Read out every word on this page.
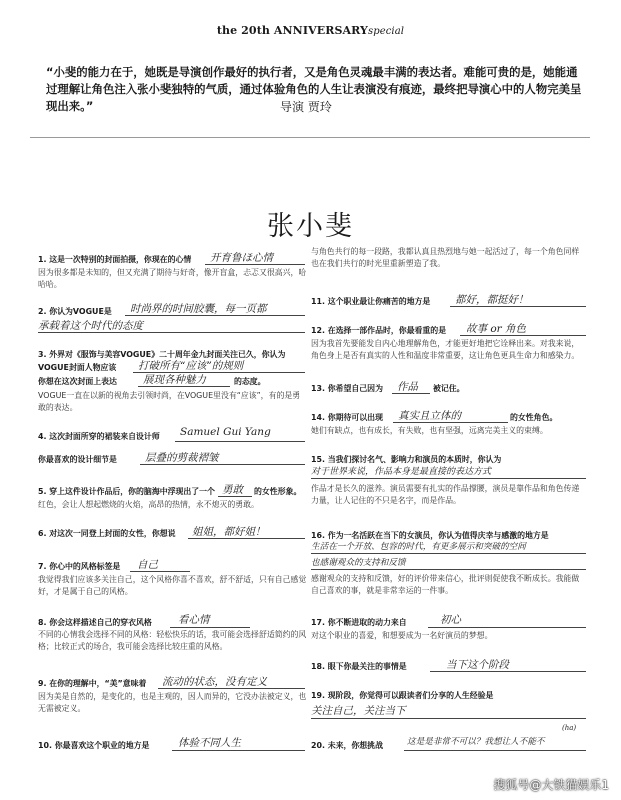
the 20th ANNIVERSARYspecial
“小斐的能力在于，她既是导演创作最好的执行者，又是角色灵魂最丰满的表达者。难能可贵的是，她能通过理解让角色注入张小斐独特的气质，通过体验角色的人生让表演没有痕迹，最终把导演心中的人物完美呈现出来。”	导演 贾玲
张小斐
1. 这是一次特别的封面拍摄，你现在的心情 开育鲁ほ心情
因为很多都是未知的，但又充满了期待与好奇，像开盲盒，忐忑又很高兴，哈哈哈。
2. 你认为VOGUE是 时尚界的时间胶囊，每一页都
承载着这个时代的态度
3. 外界对《服饰与美容VOGUE》二十周年金九封面关注已久，你认为
VOGUE封面人物应该 打破所有“应该”的规则
你想在这次封面上表达 展现各种魅力	的态度。
VOGUE一直在以新的视角去引领时尚，在VOGUE里没有“应该”，有的是勇敢的表达。
4. 这次封面所穿的裙装来自设计师 Samuel Gui Yang
你最喜欢的设计细节是	层叠的剪裁褶皱
5. 穿上这件设计作品后，你的脑海中浮现出了一个 勇敢 的女性形象。
红色，会让人想起燃烧的火焰，高昂的热情，永不熄灭的勇敢。
6. 对这次一同登上封面的女性，你想说 姐姐，都好姐！
7. 你心中的风格标签是 自己
我觉得我们应该多关注自己，这个风格你喜不喜欢，舒不舒适，只有自己感觉好，才是属于自己的风格。
8. 你会这样描述自己的穿衣风格 看心情
不同的心情我会选择不同的风格：轻松快乐的话，我可能会选择舒适简约的风格；比较正式的场合，我可能会选择比较庄重的风格。
9. 在你的理解中，“美”意味着 流动的状态，没有定义
因为美是自然的，是变化的，也是主观的，因人而异的，它没办法被定义，也无需被定义。
10. 你最喜欢这个职业的地方是	体验不同人生
与角色共行的每一段路，我都认真且热烈地与她一起活过了，每一个角色同样也在我们共行的时光里重新塑造了我。
11. 这个职业最让你痛苦的地方是 都好，都挺好！
12. 在选择一部作品时，你最看重的是 故事 or 角色
因为我首先要能发自内心地理解角色，才能更好地把它诠释出来。对我来说，角色身上是否有真实的人性和温度非常重要，这让角色更具生命力和感染力。
13. 你希望自己因为 作品 被记住。
14. 你期待可以出现 真实且立体的	的女性角色。
她们有缺点，也有成长，有失败，也有坚强，远离完美主义的束缚。
15. 当我们探讨名气、影响力和演员的本质时，你认为
对于世界来说，作品本身是最直接的表达方式
作品才是长久的滋养。演员需要有扎实的作品撑腰，演员是靠作品和角色传递力量，让人记住的不只是名字，而是作品。
16. 作为一名活跃在当下的女演员，你认为值得庆幸与感激的地方是
生活在一个开放、包容的时代，有更多展示和突破的空间
也感谢观众的支持和反馈
感谢观众的支持和反馈，好的评价带来信心，批评则促使我不断成长。我能做自己喜欢的事，就是非常幸运的一件事。
17. 你不断进取的动力来自	初心
对这个职业的喜爱，和想要成为一名好演员的梦想。
18. 眼下你最关注的事情是	当下这个阶段
19. 现阶段，你觉得可以跟读者们分享的人生经验是
关注自己，关注当下
20. 未来，你想挑战	这是是非常不可以？我想让人不能不
(ha)
搜狐号@大铁猫娱乐1
